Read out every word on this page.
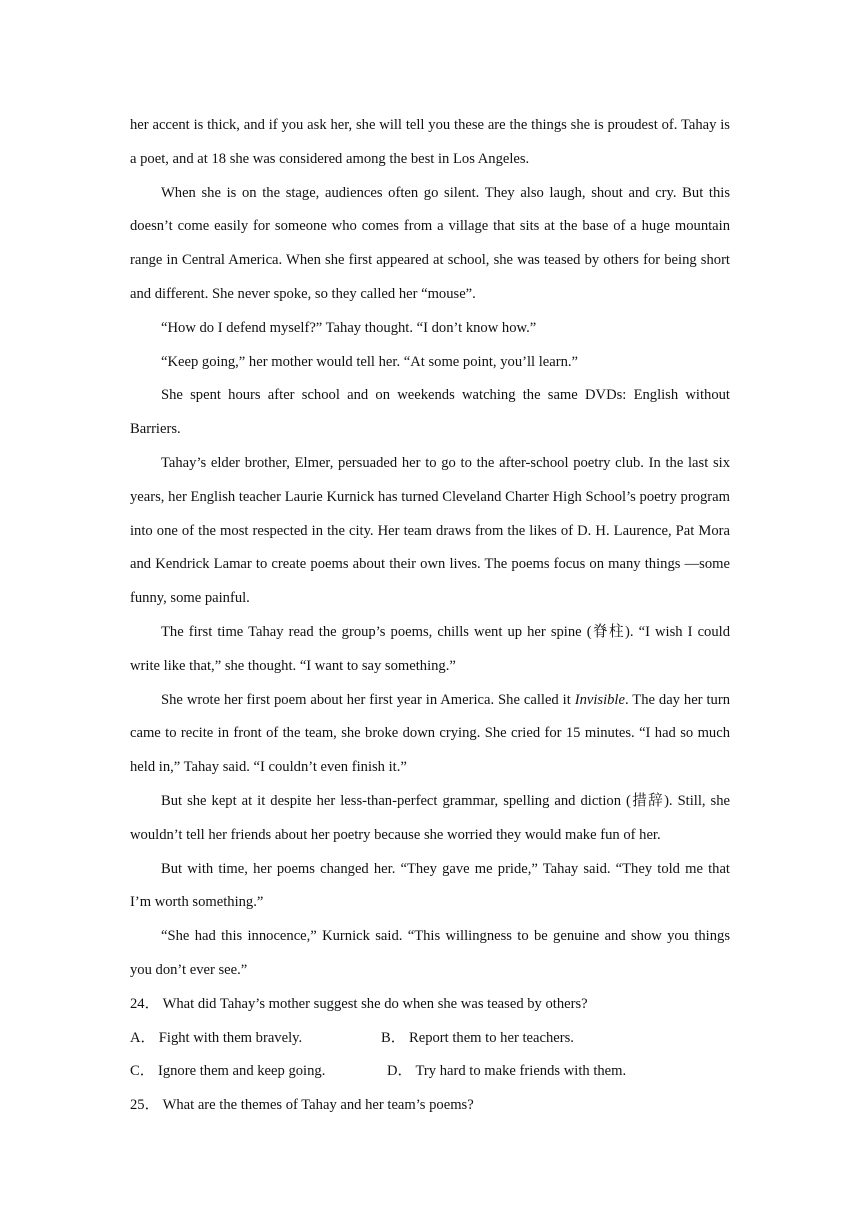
her accent is thick, and if you ask her, she will tell you these are the things she is proudest of. Tahay is a poet, and at 18 she was considered among the best in Los Angeles.

When she is on the stage, audiences often go silent. They also laugh, shout and cry. But this doesn’t come easily for someone who comes from a village that sits at the base of a huge mountain range in Central America. When she first appeared at school, she was teased by others for being short and different. She never spoke, so they called her “mouse”.

“How do I defend myself?” Tahay thought. “I don’t know how.”

“Keep going,” her mother would tell her. “At some point, you’ll learn.”

She spent hours after school and on weekends watching the same DVDs: English without Barriers.

Tahay’s elder brother, Elmer, persuaded her to go to the after-school poetry club. In the last six years, her English teacher Laurie Kurnick has turned Cleveland Charter High School’s poetry program into one of the most respected in the city. Her team draws from the likes of D. H. Laurence, Pat Mora and Kendrick Lamar to create poems about their own lives. The poems focus on many things —some funny, some painful.

The first time Tahay read the group’s poems, chills went up her spine (脊柱). “I wish I could write like that,” she thought. “I want to say something.”

She wrote her first poem about her first year in America. She called it Invisible. The day her turn came to recite in front of the team, she broke down crying. She cried for 15 minutes. “I had so much held in,” Tahay said. “I couldn’t even finish it.”

But she kept at it despite her less-than-perfect grammar, spelling and diction (措辞). Still, she wouldn’t tell her friends about her poetry because she worried they would make fun of her.

But with time, her poems changed her. “They gave me pride,” Tahay said. “They told me that I’m worth something.”

“She had this innocence,” Kurnick said. “This willingness to be genuine and show you things you don’t ever see.”

24． What did Tahay’s mother suggest she do when she was teased by others?

A． Fight with them bravely.	B． Report them to her teachers.
C． Ignore them and keep going.	D． Try hard to make friends with them.

25． What are the themes of Tahay and her team’s poems?
